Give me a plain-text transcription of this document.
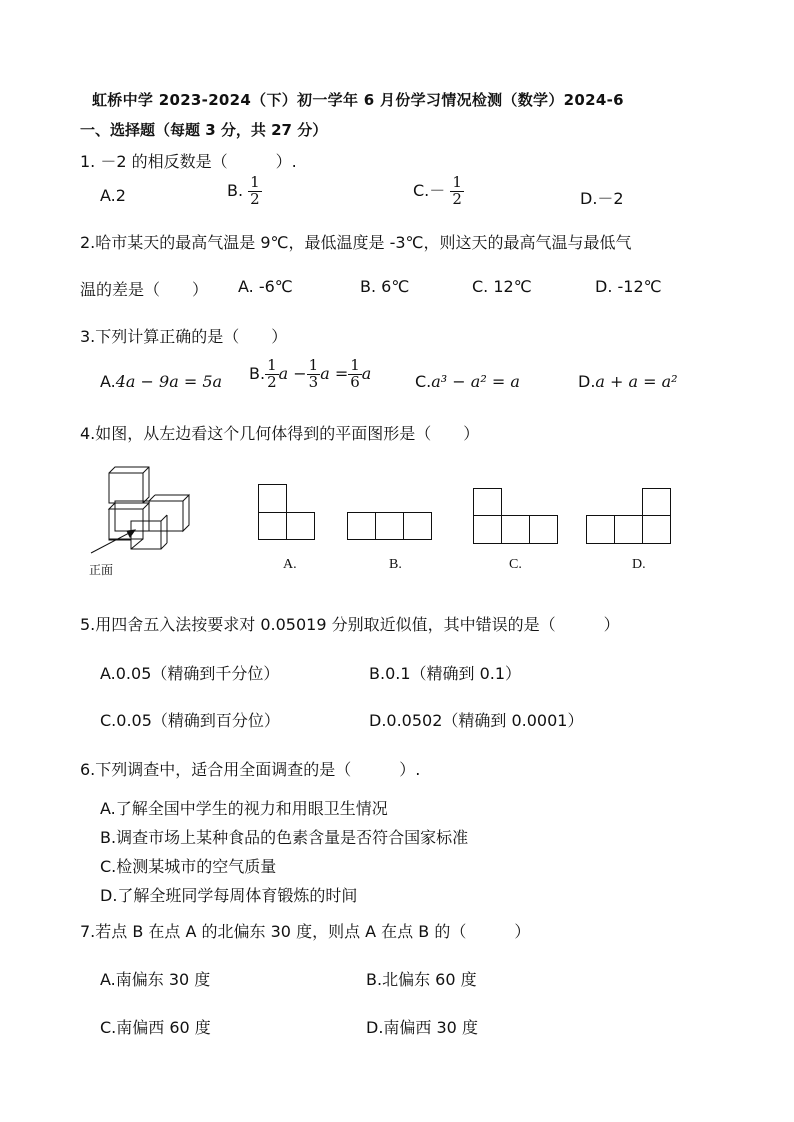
虹桥中学 2023-2024（下）初一学年 6 月份学习情况检测（数学）2024-6
一、选择题（每题 3 分，共 27 分）
1. －2 的相反数是（　　　）.
A.2	B. $\frac{1}{2}$	$C.- \frac{1}{2}$	D.－2
2.哈市某天的最高气温是 9℃，最低温度是 -3℃，则这天的最高气温与最低气
温的差是（　　） A. -6℃	B. 6℃	C. 12℃	D. -12℃
3.下列计算正确的是（　　）
A.4a − 9a = 5a B. $\frac{1}{2}$ $a - \frac{1}{3}$ $a = \frac{1}{6}$ a	C.a³ − a² = a	D.a + a = a²
4.如图，从左边看这个几何体得到的平面图形是（　　）
正面	A.	B.	C.	D.
5.用四舍五入法按要求对 0.05019 分别取近似值，其中错误的是（　　　）
A.0.05（精确到千分位）	B.0.1（精确到 0.1）
C.0.05（精确到百分位）	D.0.0502（精确到 0.0001）
6.下列调查中，适合用全面调查的是（　　　）.
A.了解全国中学生的视力和用眼卫生情况
B.调查市场上某种食品的色素含量是否符合国家标准
C.检测某城市的空气质量
D.了解全班同学每周体育锻炼的时间
7.若点 B 在点 A 的北偏东 30 度，则点 A 在点 B 的（　　　）
A.南偏东 30 度	B.北偏东 60 度
C.南偏西 60 度	D.南偏西 30 度
